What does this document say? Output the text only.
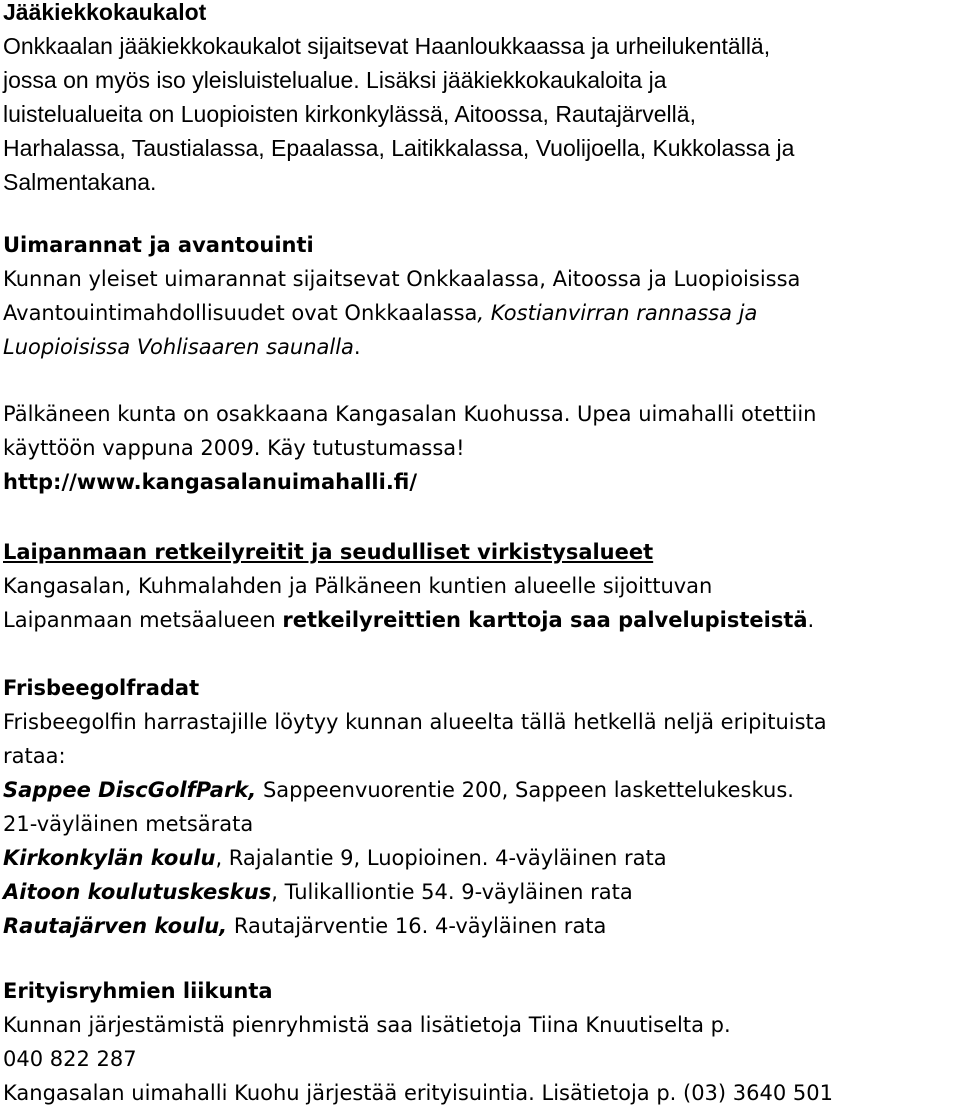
Jääkiekkokaukalot
Onkkaalan jääkiekkokaukalot sijaitsevat Haanloukkaassa ja urheilukentällä,
jossa on myös iso yleisluistelualue. Lisäksi jääkiekkokaukaloita ja
luistelualueita on Luopioisten kirkonkylässä, Aitoossa, Rautajärvellä,
Harhalassa, Taustialassa, Epaalassa, Laitikkalassa, Vuolijoella, Kukkolassa ja
Salmentakana.
Uimarannat ja avantouinti
Kunnan yleiset uimarannat sijaitsevat Onkkaalassa, Aitoossa ja Luopioisissa
Avantouintimahdollisuudet ovat Onkkaalassa, Kostianvirran rannassa ja
Luopioisissa Vohlisaaren saunalla.
Pälkäneen kunta on osakkaana Kangasalan Kuohussa. Upea uimahalli otettiin
käyttöön vappuna 2009. Käy tutustumassa!
http://www.kangasalanuimahalli.fi/
Laipanmaan retkeilyreitit ja seudulliset virkistysalueet
Kangasalan, Kuhmalahden ja Pälkäneen kuntien alueelle sijoittuvan
Laipanmaan metsäalueen retkeilyreittien karttoja saa palvelupisteistä.
Frisbeegolfradat
Frisbeegolfin harrastajille löytyy kunnan alueelta tällä hetkellä neljä eripituista
rataa:
Sappee DiscGolfPark, Sappeenvuorentie 200, Sappeen laskettelukeskus.
21-väyläinen metsärata
Kirkonkylän koulu, Rajalantie 9, Luopioinen. 4-väyläinen rata
Aitoon koulutuskeskus, Tulikalliontie 54. 9-väyläinen rata
Rautajärven koulu, Rautajärventie 16. 4-väyläinen rata
Erityisryhmien liikunta
Kunnan järjestämistä pienryhmistä saa lisätietoja Tiina Knuutiselta p.
040 822 287
Kangasalan uimahalli Kuohu järjestää erityisuintia. Lisätietoja p. (03) 3640 501
